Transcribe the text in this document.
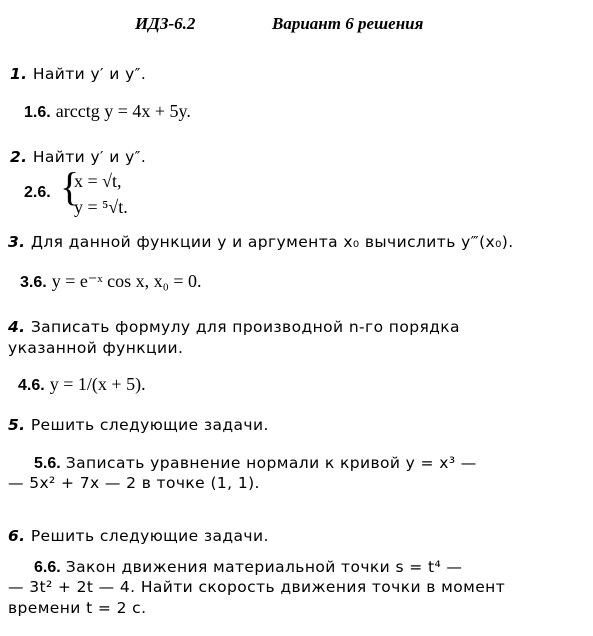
ИДЗ-6.2	Вариант 6 решения
1. Найти y′ и y″.
1.6. arcctg y = 4x + 5y.
2. Найти y′ и y″.
2.6. {
x = √t,
y = ⁵√t.
3. Для данной функции y и аргумента x₀ вычислить y‴(x₀).
3.6. y = e⁻ˣ cos x, x₀ = 0.
4. Записать формулу для производной n-го порядка
указанной функции.
4.6. y = 1/(x + 5).
5. Решить следующие задачи.
5.6. Записать уравнение нормали к кривой y = x³ —
— 5x² + 7x — 2 в точке (1, 1).
6. Решить следующие задачи.
6.6. Закон движения материальной точки s = t⁴ —
— 3t² + 2t — 4. Найти скорость движения точки в момент
времени t = 2 с.
